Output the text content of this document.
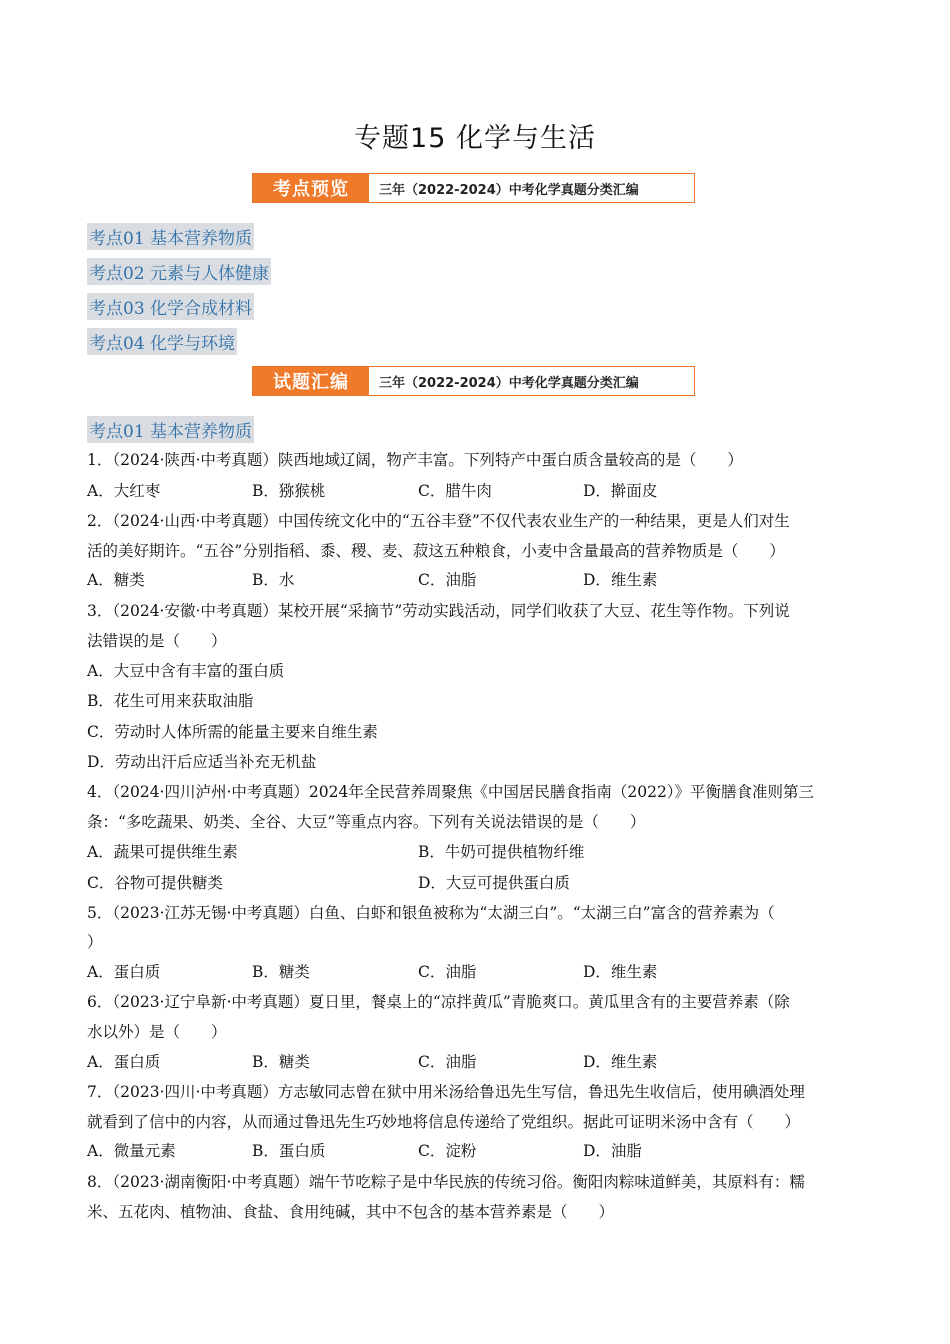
专题15 化学与生活
考点预览	三年（2022-2024）中考化学真题分类汇编
考点01 基本营养物质
考点02 元素与人体健康
考点03 化学合成材料
考点04 化学与环境
试题汇编	三年（2022-2024）中考化学真题分类汇编
考点01 基本营养物质
1．（2024·陕西·中考真题）陕西地域辽阔，物产丰富。下列特产中蛋白质含量较高的是（　　）
A．大红枣	B．猕猴桃	C．腊牛肉	D．擀面皮
2．（2024·山西·中考真题）中国传统文化中的“五谷丰登”不仅代表农业生产的一种结果，更是人们对生
活的美好期许。“五谷”分别指稻、黍、稷、麦、菽这五种粮食，小麦中含量最高的营养物质是（　　）
A．糖类	B．水	C．油脂	D．维生素
3．（2024·安徽·中考真题）某校开展“采摘节”劳动实践活动，同学们收获了大豆、花生等作物。下列说
法错误的是（　　）
A．大豆中含有丰富的蛋白质
B．花生可用来获取油脂
C．劳动时人体所需的能量主要来自维生素
D．劳动出汗后应适当补充无机盐
4．（2024·四川泸州·中考真题）2024年全民营养周聚焦《中国居民膳食指南（2022）》平衡膳食准则第三
条：“多吃蔬果、奶类、全谷、大豆”等重点内容。下列有关说法错误的是（　　）
A．蔬果可提供维生素	B．牛奶可提供植物纤维
C．谷物可提供糖类	D．大豆可提供蛋白质
5．（2023·江苏无锡·中考真题）白鱼、白虾和银鱼被称为“太湖三白”。“太湖三白”富含的营养素为（
）
A．蛋白质	B．糖类	C．油脂	D．维生素
6．（2023·辽宁阜新·中考真题）夏日里，餐桌上的“凉拌黄瓜”青脆爽口。黄瓜里含有的主要营养素（除
水以外）是（　　）
A．蛋白质	B．糖类	C．油脂	D．维生素
7．（2023·四川·中考真题）方志敏同志曾在狱中用米汤给鲁迅先生写信，鲁迅先生收信后，使用碘酒处理
就看到了信中的内容，从而通过鲁迅先生巧妙地将信息传递给了党组织。据此可证明米汤中含有（　　）
A．微量元素	B．蛋白质	C．淀粉	D．油脂
8．（2023·湖南衡阳·中考真题）端午节吃粽子是中华民族的传统习俗。衡阳肉粽味道鲜美，其原料有：糯
米、五花肉、植物油、食盐、食用纯碱，其中不包含的基本营养素是（　　）
